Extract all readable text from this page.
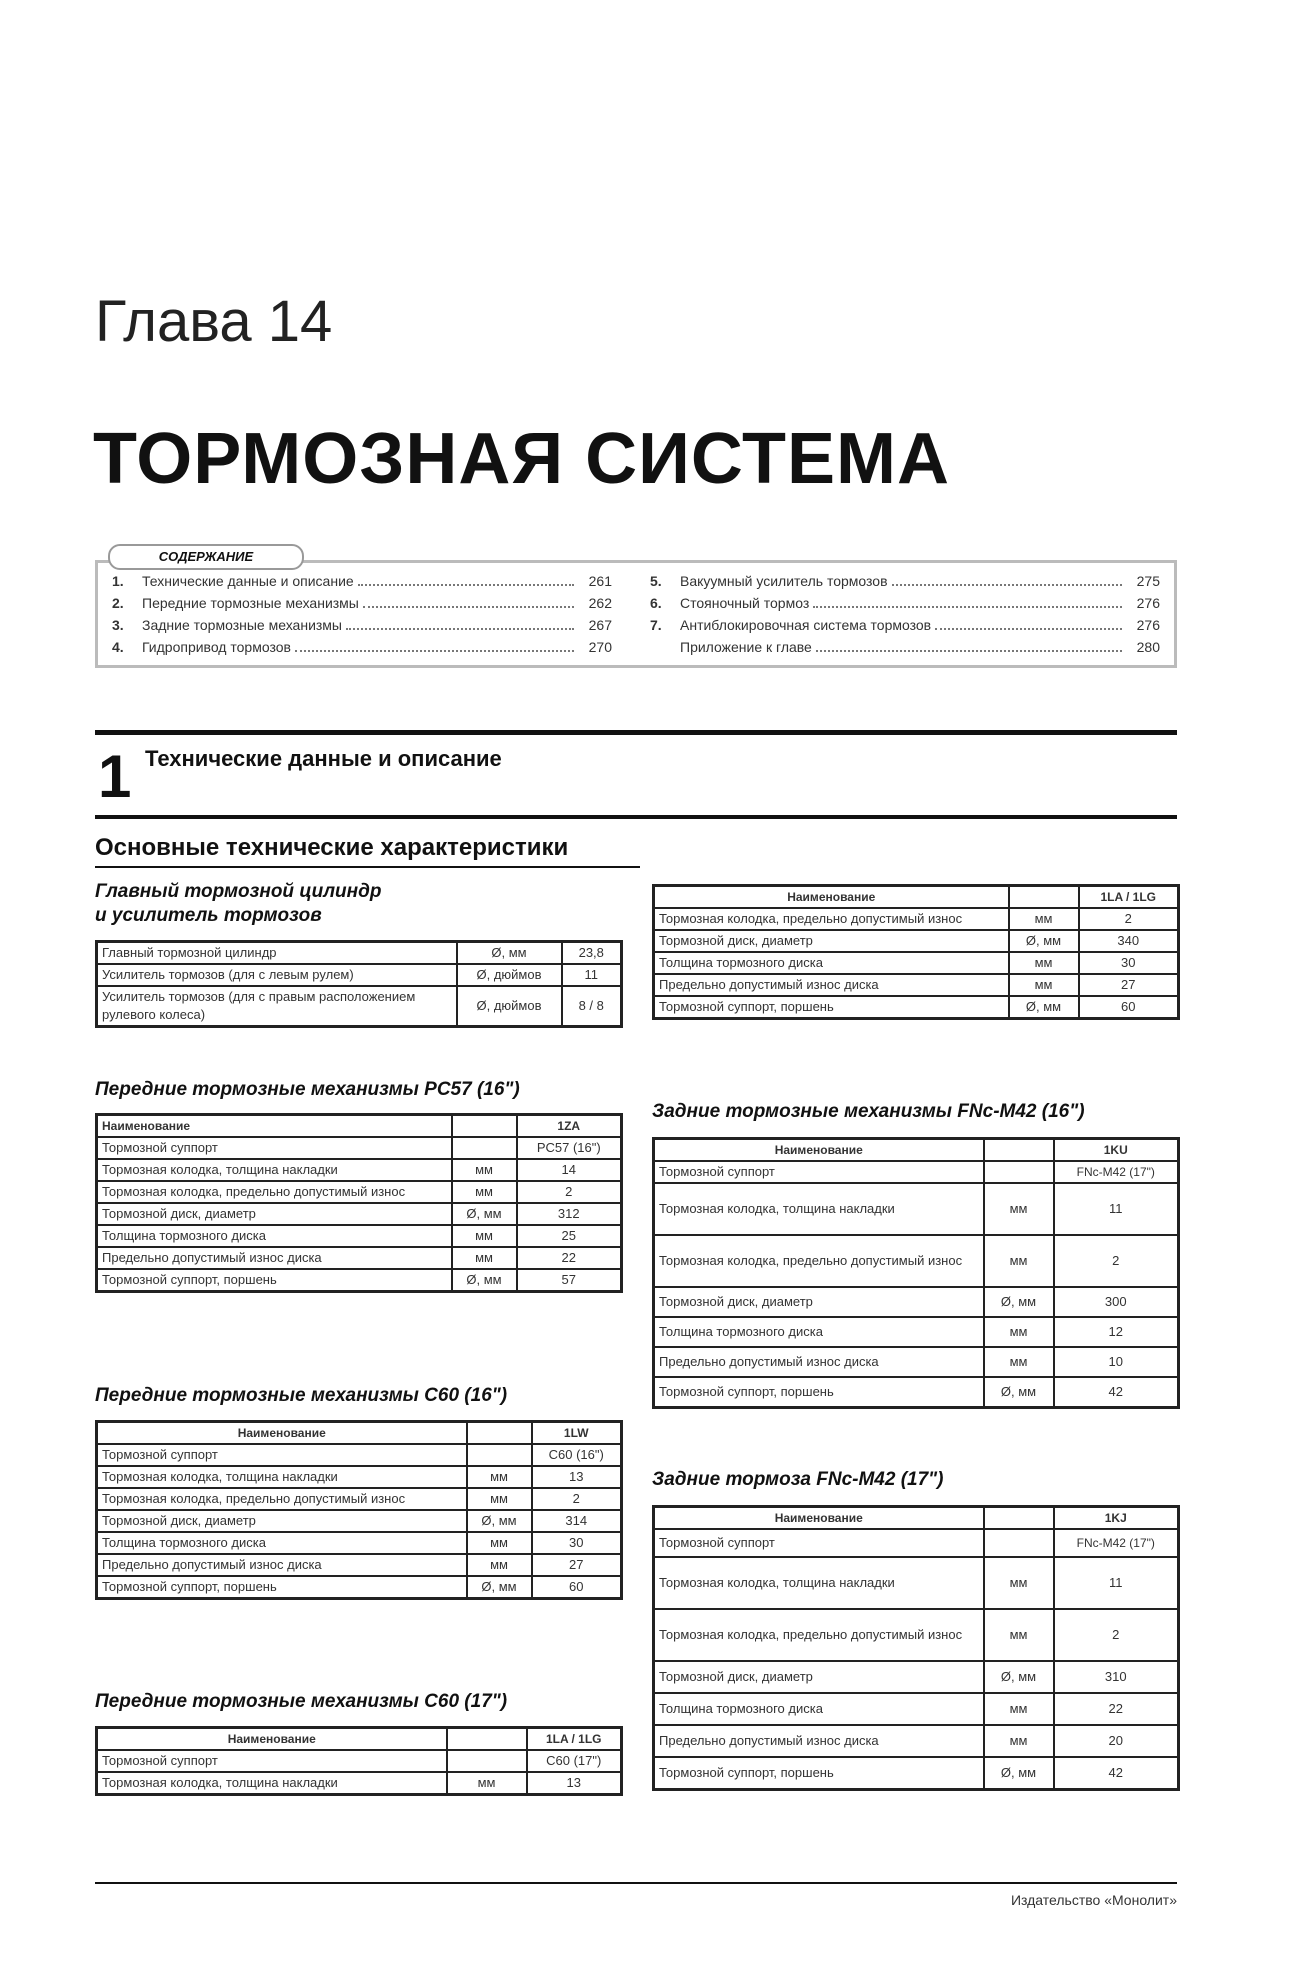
Глава 14
ТОРМОЗНАЯ СИСТЕМА
1.	Технические данные и описание	261
2.	Передние тормозные механизмы	262
3.	Задние тормозные механизмы	267
4.	Гидропривод тормозов	270
5.	Вакуумный усилитель тормозов	275
6.	Стояночный тормоз	276
7.	Антиблокировочная система тормозов	276
Приложение к главе	280
СОДЕРЖАНИЕ
1 Технические данные и описание
Основные технические характеристики
Главный тормозной цилиндр
и усилитель тормозов
Главный тормозной цилиндр	Ø, мм	23,8
Усилитель тормозов (для с левым рулем)	Ø, дюймов	11
Усилитель тормозов (для с правым расположением рулевого колеса)	Ø, дюймов	8 / 8
Передние тормозные механизмы PC57 (16")
Наименование		1ZA
Тормозной суппорт		PC57 (16")
Тормозная колодка, толщина накладки	мм	14
Тормозная колодка, предельно допустимый износ	мм	2
Тормозной диск, диаметр	Ø, мм	312
Толщина тормозного диска	мм	25
Предельно допустимый износ диска	мм	22
Тормозной суппорт, поршень	Ø, мм	57
Передние тормозные механизмы C60 (16")
Наименование		1LW
Тормозной суппорт		C60 (16")
Тормозная колодка, толщина накладки	мм	13
Тормозная колодка, предельно допустимый износ	мм	2
Тормозной диск, диаметр	Ø, мм	314
Толщина тормозного диска	мм	30
Предельно допустимый износ диска	мм	27
Тормозной суппорт, поршень	Ø, мм	60
Передние тормозные механизмы C60 (17")
Наименование		1LA / 1LG
Тормозной суппорт		C60 (17")
Тормозная колодка, толщина накладки	мм	13
Наименование		1LA / 1LG
Тормозная колодка, предельно допустимый износ	мм	2
Тормозной диск, диаметр	Ø, мм	340
Толщина тормозного диска	мм	30
Предельно допустимый износ диска	мм	27
Тормозной суппорт, поршень	Ø, мм	60
Задние тормозные механизмы FNc-M42 (16")
Наименование		1KU
Тормозной суппорт		FNc-M42 (17")
Тормозная колодка, толщина накладки	мм	11
Тормозная колодка, предельно допустимый износ	мм	2
Тормозной диск, диаметр	Ø, мм	300
Толщина тормозного диска	мм	12
Предельно допустимый износ диска	мм	10
Тормозной суппорт, поршень	Ø, мм	42
Задние тормоза FNc-M42 (17")
Наименование		1KJ
Тормозной суппорт		FNc-M42 (17")
Тормозная колодка, толщина накладки	мм	11
Тормозная колодка, предельно допустимый износ	мм	2
Тормозной диск, диаметр	Ø, мм	310
Толщина тормозного диска	мм	22
Предельно допустимый износ диска	мм	20
Тормозной суппорт, поршень	Ø, мм	42
Издательство «Монолит»
